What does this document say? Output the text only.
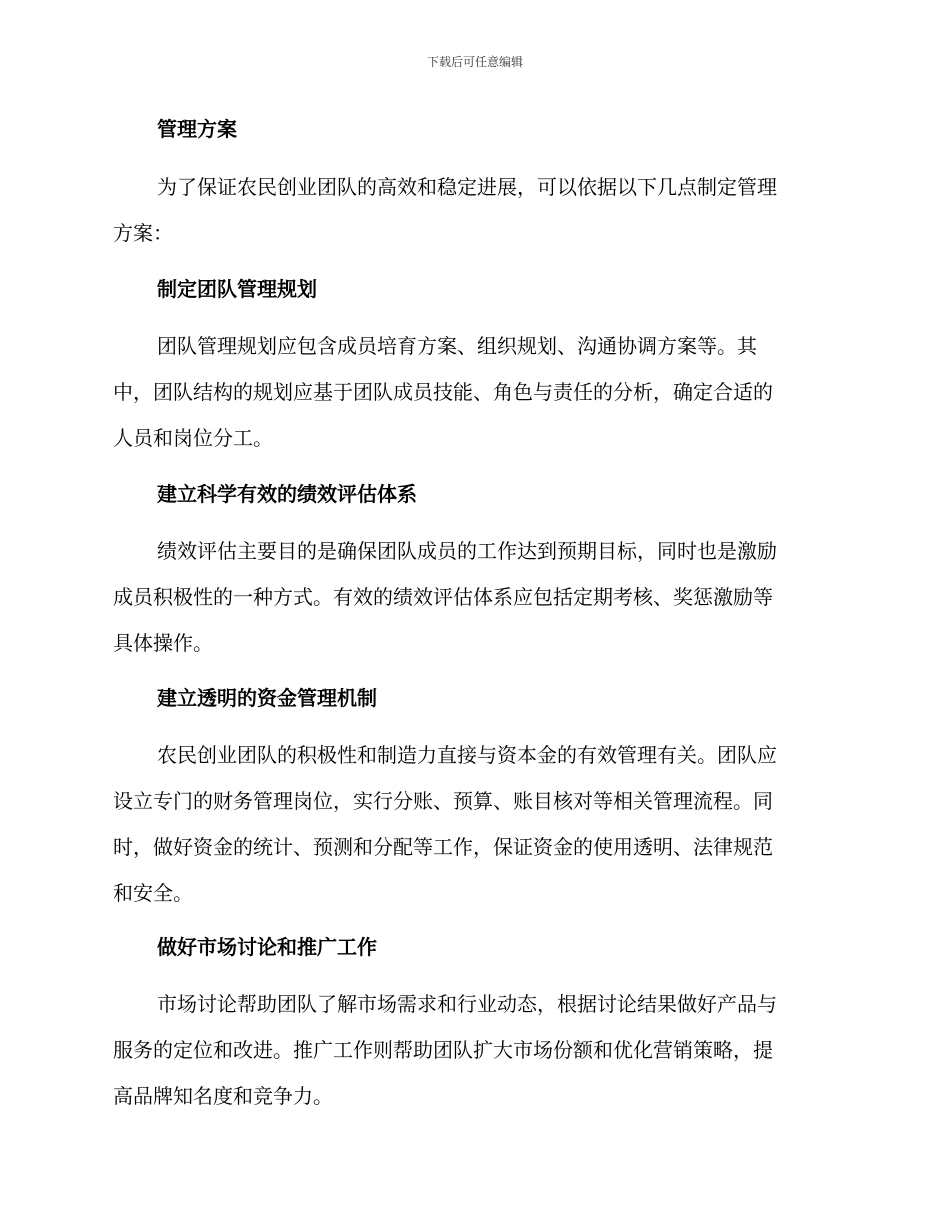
下载后可任意编辑
管理方案
为了保证农民创业团队的高效和稳定进展，可以依据以下几点制定管理
方案：
制定团队管理规划
团队管理规划应包含成员培育方案、组织规划、沟通协调方案等。其
中，团队结构的规划应基于团队成员技能、角色与责任的分析，确定合适的
人员和岗位分工。
建立科学有效的绩效评估体系
绩效评估主要目的是确保团队成员的工作达到预期目标，同时也是激励
成员积极性的一种方式。有效的绩效评估体系应包括定期考核、奖惩激励等
具体操作。
建立透明的资金管理机制
农民创业团队的积极性和制造力直接与资本金的有效管理有关。团队应
设立专门的财务管理岗位，实行分账、预算、账目核对等相关管理流程。同
时，做好资金的统计、预测和分配等工作，保证资金的使用透明、法律规范
和安全。
做好市场讨论和推广工作
市场讨论帮助团队了解市场需求和行业动态，根据讨论结果做好产品与
服务的定位和改进。推广工作则帮助团队扩大市场份额和优化营销策略，提
高品牌知名度和竞争力。
